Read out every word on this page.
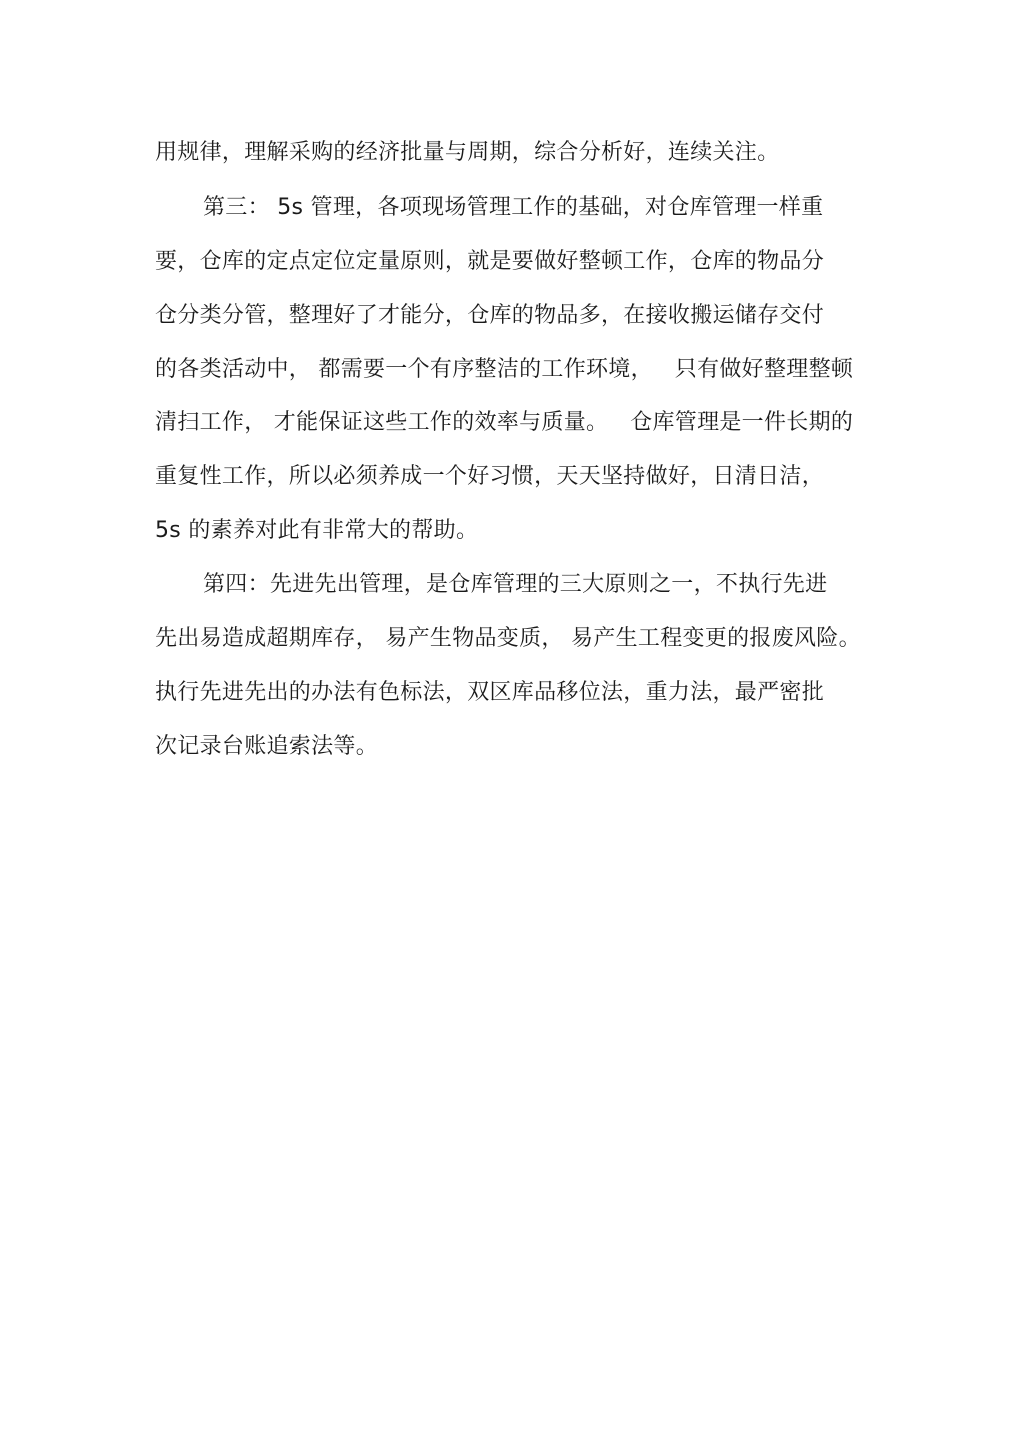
用规律，理解采购的经济批量与周期，综合分析好，连续关注。
第三： 5s 管理，各项现场管理工作的基础，对仓库管理一样重
要，仓库的定点定位定量原则，就是要做好整顿工作，仓库的物品分
仓分类分管，整理好了才能分，仓库的物品多，在接收搬运储存交付
的各类活动中， 都需要一个有序整洁的工作环境，   只有做好整理整顿
清扫工作， 才能保证这些工作的效率与质量。   仓库管理是一件长期的
重复性工作，所以必须养成一个好习惯，天天坚持做好，日清日洁，
5s 的素养对此有非常大的帮助。
第四：先进先出管理，是仓库管理的三大原则之一，不执行先进
先出易造成超期库存， 易产生物品变质， 易产生工程变更的报废风险。
执行先进先出的办法有色标法，双区库品移位法，重力法，最严密批
次记录台账追索法等。
